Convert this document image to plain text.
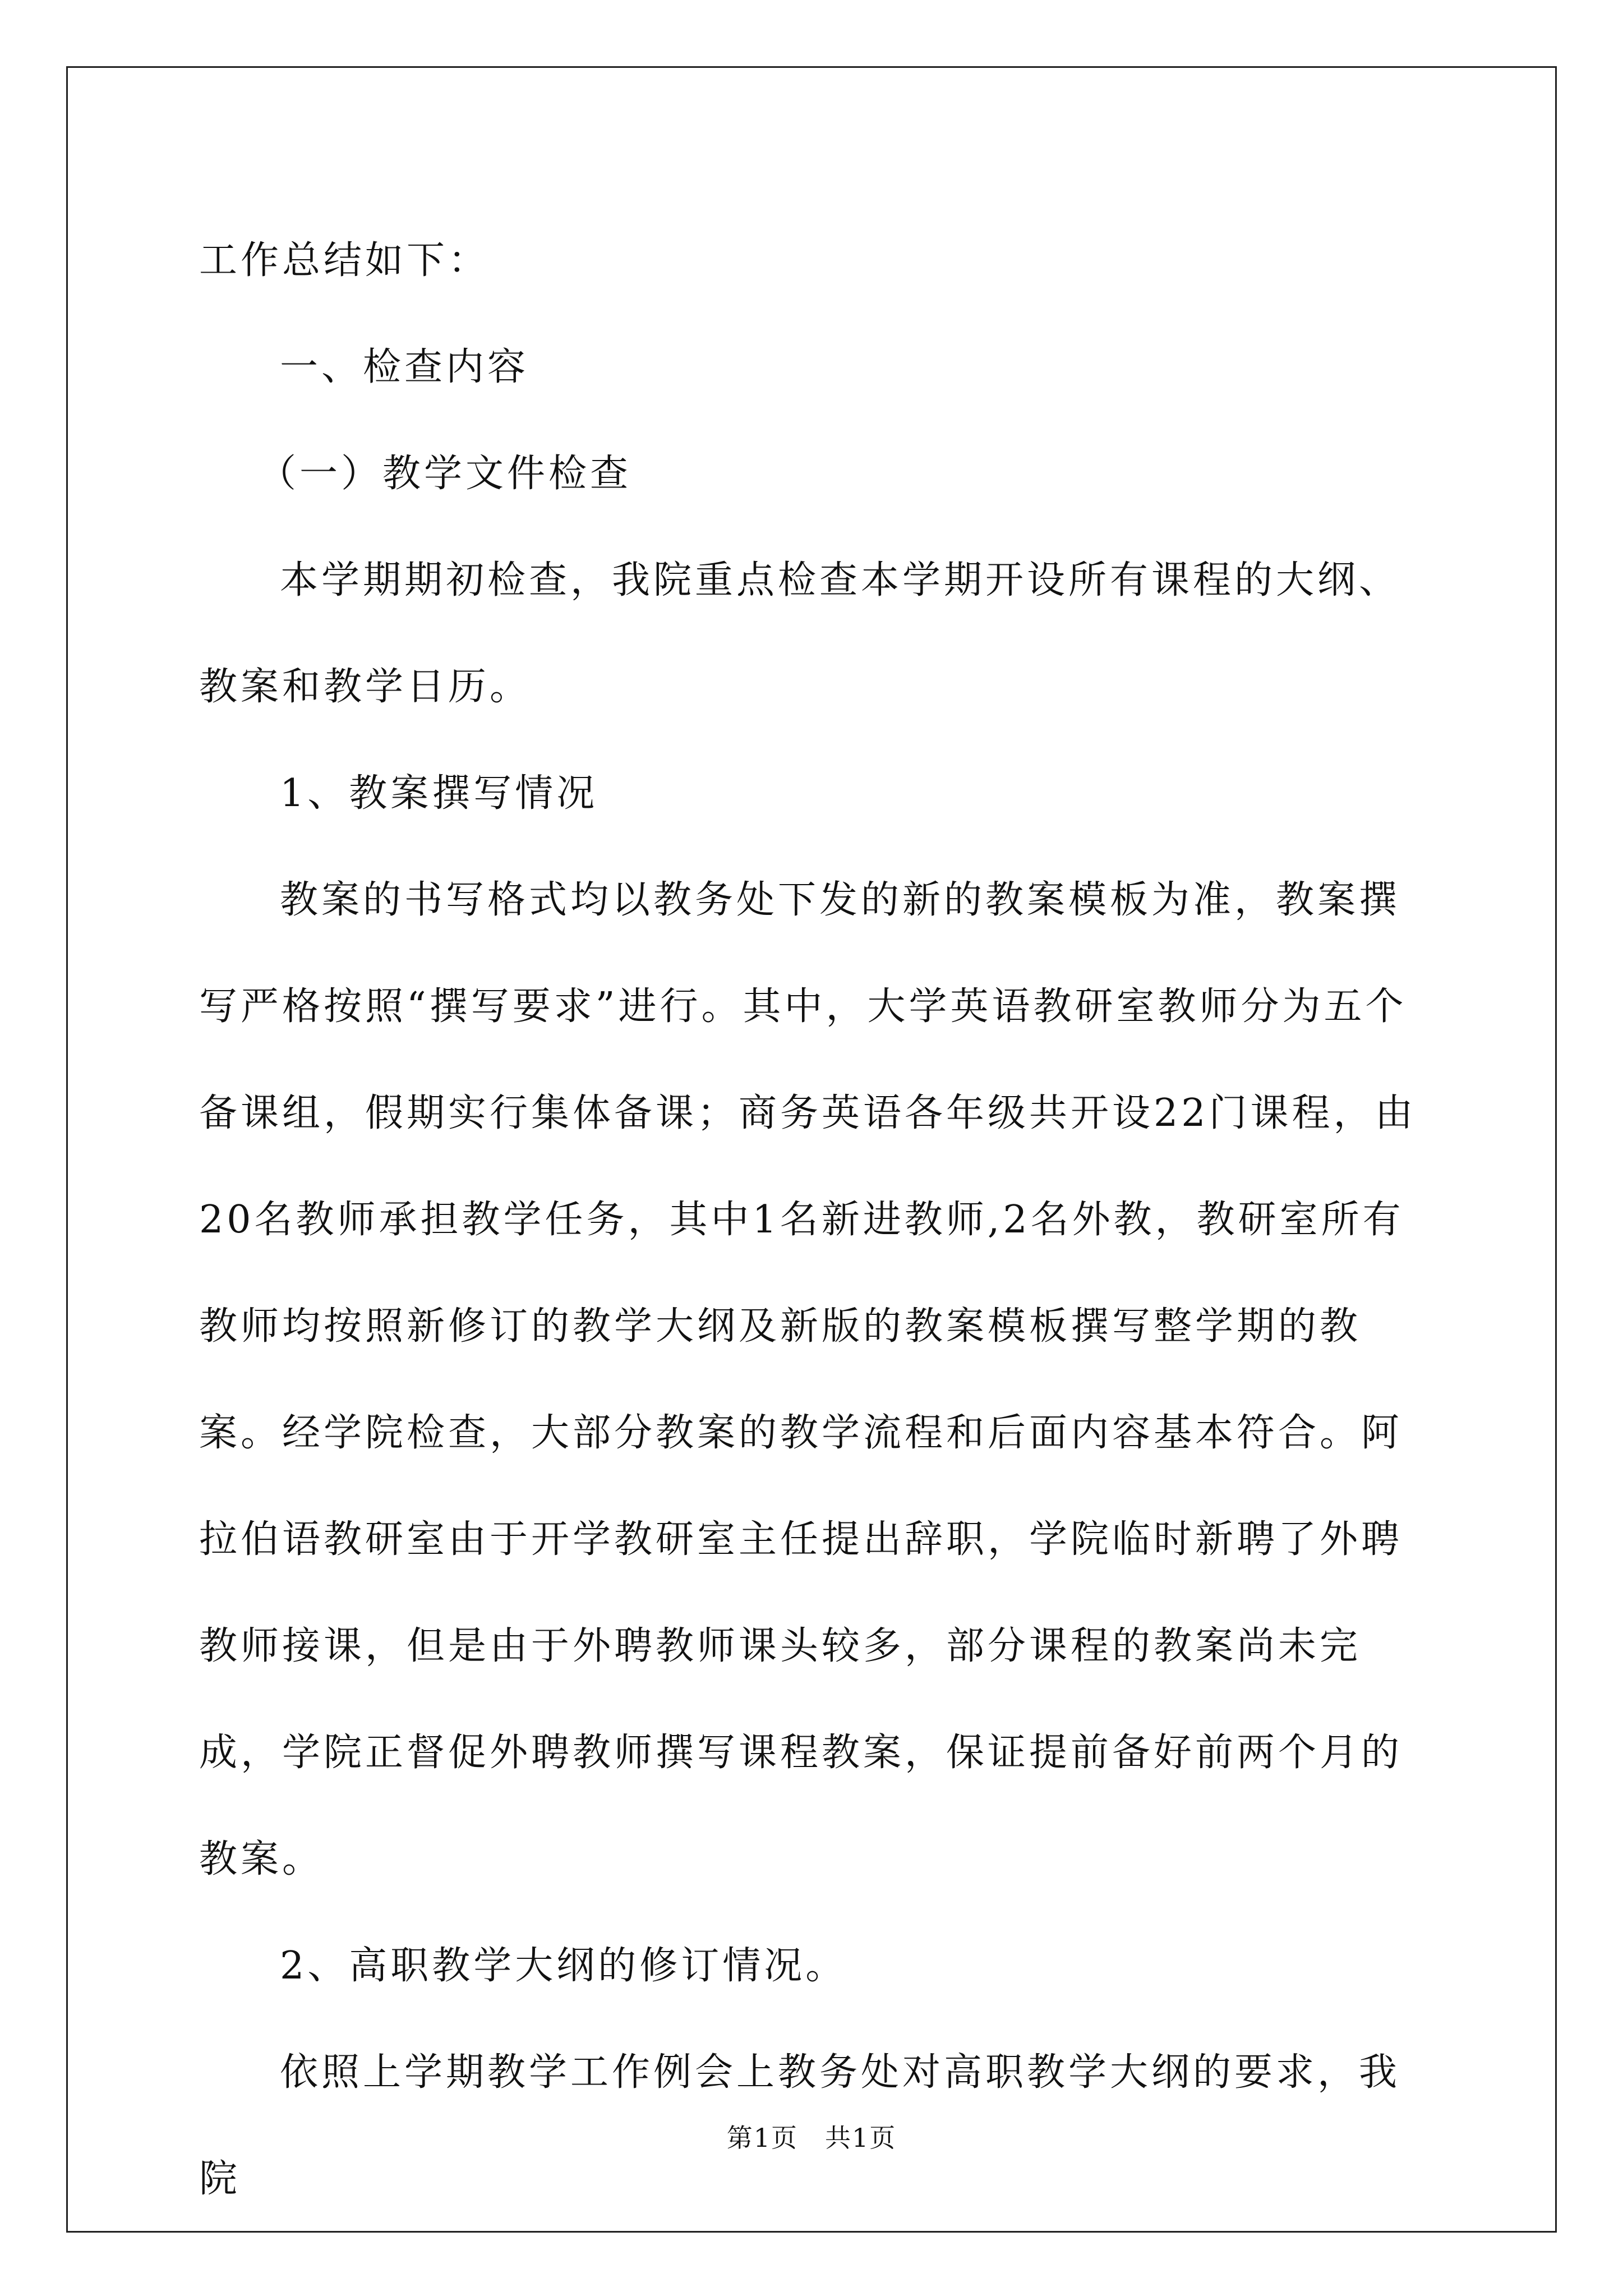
工作总结如下：

一、检查内容

（一）教学文件检查

本学期期初检查，我院重点检查本学期开设所有课程的大纲、教案和教学日历。

1、教案撰写情况

教案的书写格式均以教务处下发的新的教案模板为准，教案撰写严格按照“撰写要求”进行。其中，大学英语教研室教师分为五个备课组，假期实行集体备课；商务英语各年级共开设22门课程，由20名教师承担教学任务，其中1名新进教师,2名外教，教研室所有教师均按照新修订的教学大纲及新版的教案模板撰写整学期的教案。经学院检查，大部分教案的教学流程和后面内容基本符合。阿拉伯语教研室由于开学教研室主任提出辞职，学院临时新聘了外聘教师接课，但是由于外聘教师课头较多，部分课程的教案尚未完成，学院正督促外聘教师撰写课程教案，保证提前备好前两个月的教案。

2、高职教学大纲的修订情况。

依照上学期教学工作例会上教务处对高职教学大纲的要求，我院

第1页　共1页
